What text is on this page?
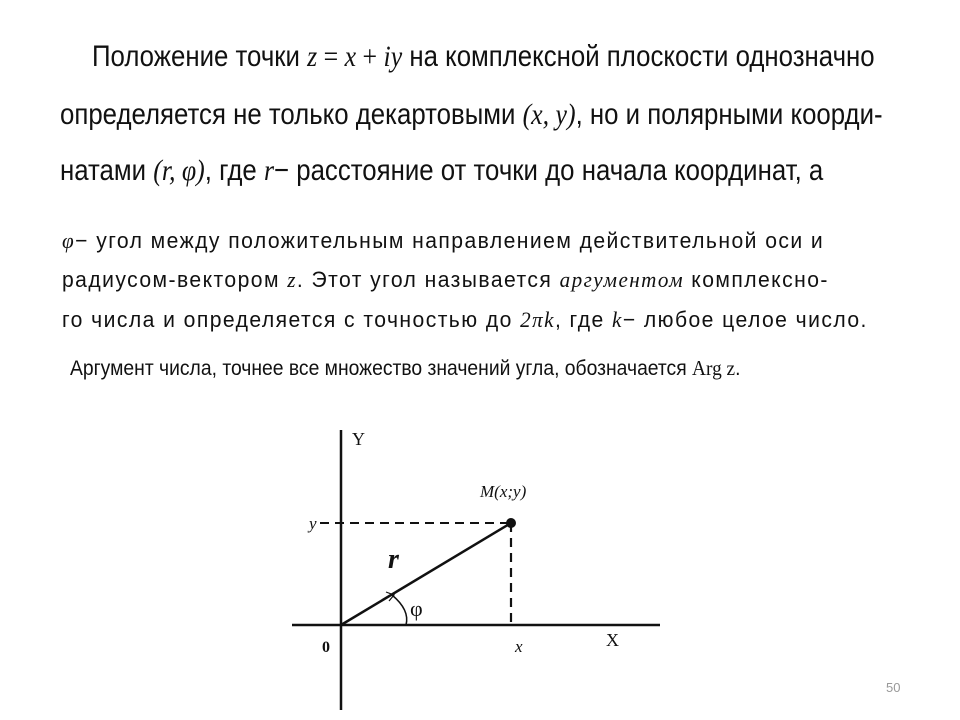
Положение точки z = x + iy на комплексной плоскости однозначно
определяется не только декартовыми (x, y), но и полярными коорди-
натами (r, φ), где r− расстояние от точки до начала координат, а
φ− угол между положительным направлением действительной оси и
радиусом-вектором z. Этот угол называется аргументом комплексно-
го числа и определяется с точностью до 2πk, где k− любое целое число.
Аргумент числа, точнее все множество значений угла, обозначается Arg z.
Y
X
0
y
x
M(x;y)
r
φ
50
